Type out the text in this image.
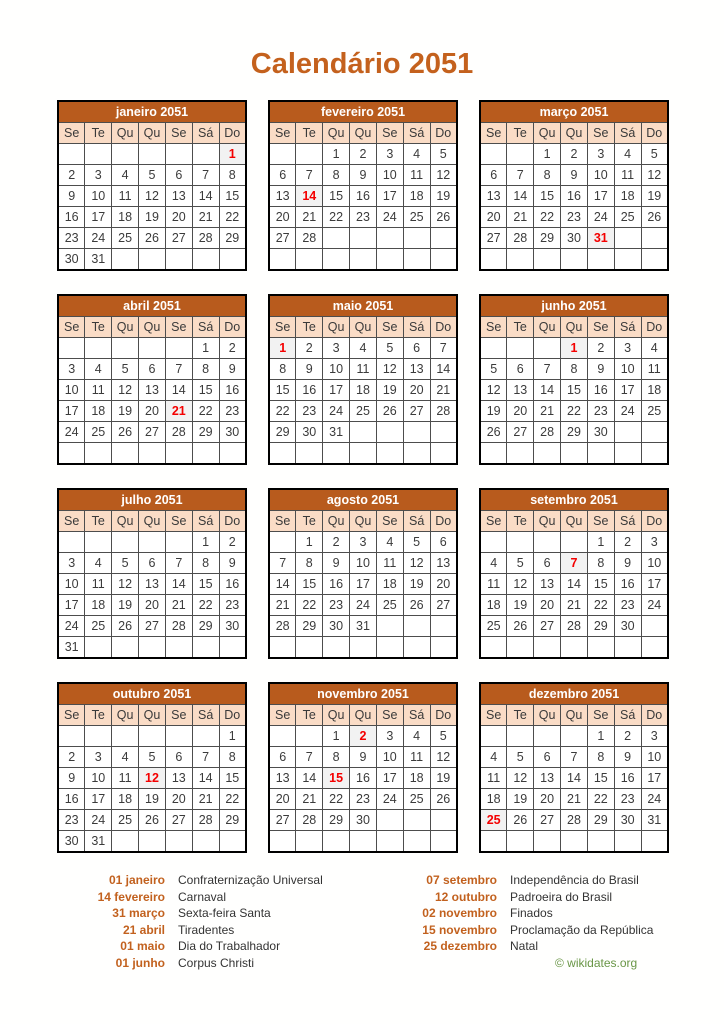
Calendário 2051
janeiro 2051						
Se	Te	Qu	Qu	Se	Sá	Do
						1
2	3	4	5	6	7	8
9	10	11	12	13	14	15
16	17	18	19	20	21	22
23	24	25	26	27	28	29
30	31					
fevereiro 2051						
Se	Te	Qu	Qu	Se	Sá	Do
		1	2	3	4	5
6	7	8	9	10	11	12
13	14	15	16	17	18	19
20	21	22	23	24	25	26
27	28					

março 2051						
Se	Te	Qu	Qu	Se	Sá	Do
		1	2	3	4	5
6	7	8	9	10	11	12
13	14	15	16	17	18	19
20	21	22	23	24	25	26
27	28	29	30	31		

abril 2051						
Se	Te	Qu	Qu	Se	Sá	Do
					1	2
3	4	5	6	7	8	9
10	11	12	13	14	15	16
17	18	19	20	21	22	23
24	25	26	27	28	29	30

maio 2051						
Se	Te	Qu	Qu	Se	Sá	Do
1	2	3	4	5	6	7
8	9	10	11	12	13	14
15	16	17	18	19	20	21
22	23	24	25	26	27	28
29	30	31				

junho 2051						
Se	Te	Qu	Qu	Se	Sá	Do
			1	2	3	4
5	6	7	8	9	10	11
12	13	14	15	16	17	18
19	20	21	22	23	24	25
26	27	28	29	30		

julho 2051						
Se	Te	Qu	Qu	Se	Sá	Do
					1	2
3	4	5	6	7	8	9
10	11	12	13	14	15	16
17	18	19	20	21	22	23
24	25	26	27	28	29	30
31						
agosto 2051						
Se	Te	Qu	Qu	Se	Sá	Do
	1	2	3	4	5	6
7	8	9	10	11	12	13
14	15	16	17	18	19	20
21	22	23	24	25	26	27
28	29	30	31			

setembro 2051						
Se	Te	Qu	Qu	Se	Sá	Do
				1	2	3
4	5	6	7	8	9	10
11	12	13	14	15	16	17
18	19	20	21	22	23	24
25	26	27	28	29	30	

outubro 2051						
Se	Te	Qu	Qu	Se	Sá	Do
						1
2	3	4	5	6	7	8
9	10	11	12	13	14	15
16	17	18	19	20	21	22
23	24	25	26	27	28	29
30	31					
novembro 2051						
Se	Te	Qu	Qu	Se	Sá	Do
		1	2	3	4	5
6	7	8	9	10	11	12
13	14	15	16	17	18	19
20	21	22	23	24	25	26
27	28	29	30			

dezembro 2051						
Se	Te	Qu	Qu	Se	Sá	Do
				1	2	3
4	5	6	7	8	9	10
11	12	13	14	15	16	17
18	19	20	21	22	23	24
25	26	27	28	29	30	31

01 janeiro Confraternização Universal
14 fevereiro Carnaval
31 março Sexta-feira Santa
21 abril Tiradentes
01 maio Dia do Trabalhador
01 junho Corpus Christi
07 setembro Independência do Brasil
12 outubro Padroeira do Brasil
02 novembro Finados
15 novembro Proclamação da República
25 dezembro Natal
© wikidates.org
